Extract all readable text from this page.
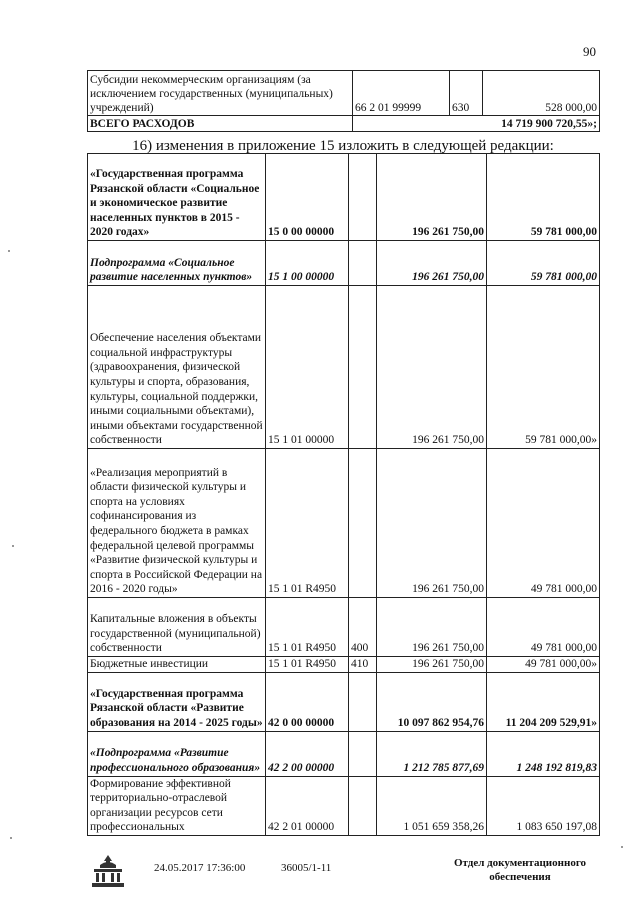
90
Субсидии некоммерческим организациям (за исключением государственных (муниципальных) учреждений)	66 2 01 99999	630	528 000,00
ВСЕГО РАСХОДОВ	14 719 900 720,55»;		
16) изменения в приложение 15 изложить в следующей редакции:
«Государственная программа Рязанской области «Социальное и экономическое развитие населенных пунктов в 2015 - 2020 годах»	15 0 00 00000		196 261 750,00	59 781 000,00
Подпрограмма «Социальное развитие населенных пунктов»	15 1 00 00000		196 261 750,00	59 781 000,00
Обеспечение населения объектами социальной инфраструктуры (здравоохранения, физической культуры и спорта, образования, культуры, социальной поддержки, иными социальными объектами), иными объектами государственной собственности	15 1 01 00000		196 261 750,00	59 781 000,00»
«Реализация мероприятий в области физической культуры и спорта на условиях софинансирования из федерального бюджета в рамках федеральной целевой программы «Развитие физической культуры и спорта в Российской Федерации на 2016 - 2020 годы»	15 1 01 R4950		196 261 750,00	49 781 000,00
Капитальные вложения в объекты государственной (муниципальной) собственности	15 1 01 R4950	400	196 261 750,00	49 781 000,00
Бюджетные инвестиции	15 1 01 R4950	410	196 261 750,00	49 781 000,00»
«Государственная программа Рязанской области «Развитие образования на 2014 - 2025 годы»	42 0 00 00000		10 097 862 954,76	11 204 209 529,91»
«Подпрограмма «Развитие профессионального образования»	42 2 00 00000		1 212 785 877,69	1 248 192 819,83
Формирование эффективной территориально-отраслевой организации ресурсов сети профессиональных	42 2 01 00000		1 051 659 358,26	1 083 650 197,08
24.05.2017 17:36:00	36005/1-11	Отдел документационного обеспечения
